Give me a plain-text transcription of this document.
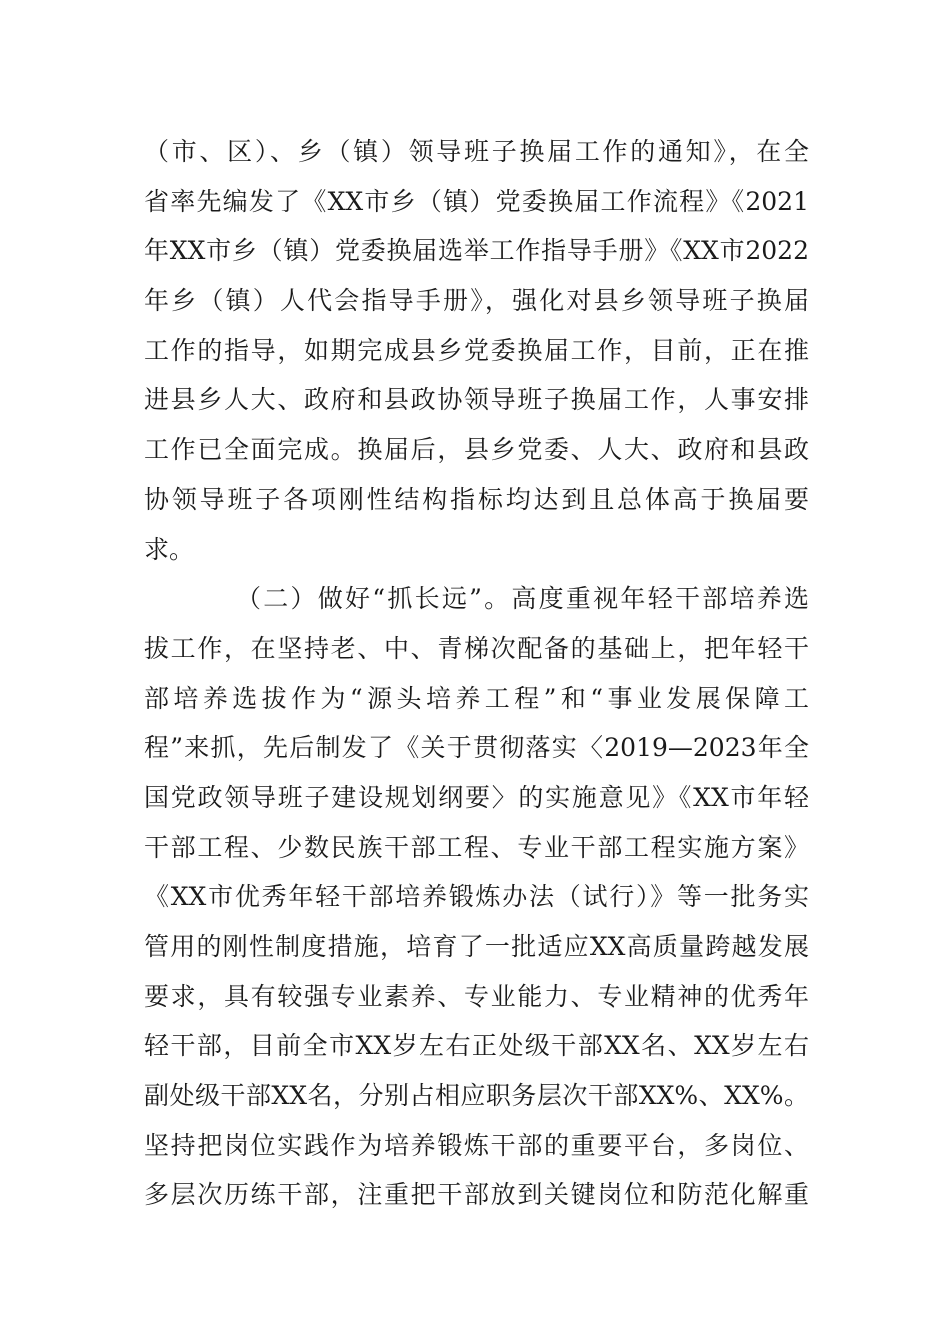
（市、区）、乡（镇）领导班子换届工作的通知》，在全
省率先编发了《XX市乡（镇）党委换届工作流程》《2021
年XX市乡（镇）党委换届选举工作指导手册》《XX市2022
年乡（镇）人代会指导手册》，强化对县乡领导班子换届
工作的指导，如期完成县乡党委换届工作，目前，正在推
进县乡人大、政府和县政协领导班子换届工作，人事安排
工作已全面完成。换届后，县乡党委、人大、政府和县政
协领导班子各项刚性结构指标均达到且总体高于换届要
求。
（二）做好“抓长远”。高度重视年轻干部培养选
拔工作，在坚持老、中、青梯次配备的基础上，把年轻干
部培养选拔作为“源头培养工程”和“事业发展保障工
程”来抓，先后制发了《关于贯彻落实〈2019—2023年全
国党政领导班子建设规划纲要〉的实施意见》《XX市年轻
干部工程、少数民族干部工程、专业干部工程实施方案》
《XX市优秀年轻干部培养锻炼办法（试行）》等一批务实
管用的刚性制度措施，培育了一批适应XX高质量跨越发展
要求，具有较强专业素养、专业能力、专业精神的优秀年
轻干部，目前全市XX岁左右正处级干部XX名、XX岁左右
副处级干部XX名，分别占相应职务层次干部XX%、XX%。
坚持把岗位实践作为培养锻炼干部的重要平台，多岗位、
多层次历练干部，注重把干部放到关键岗位和防范化解重
